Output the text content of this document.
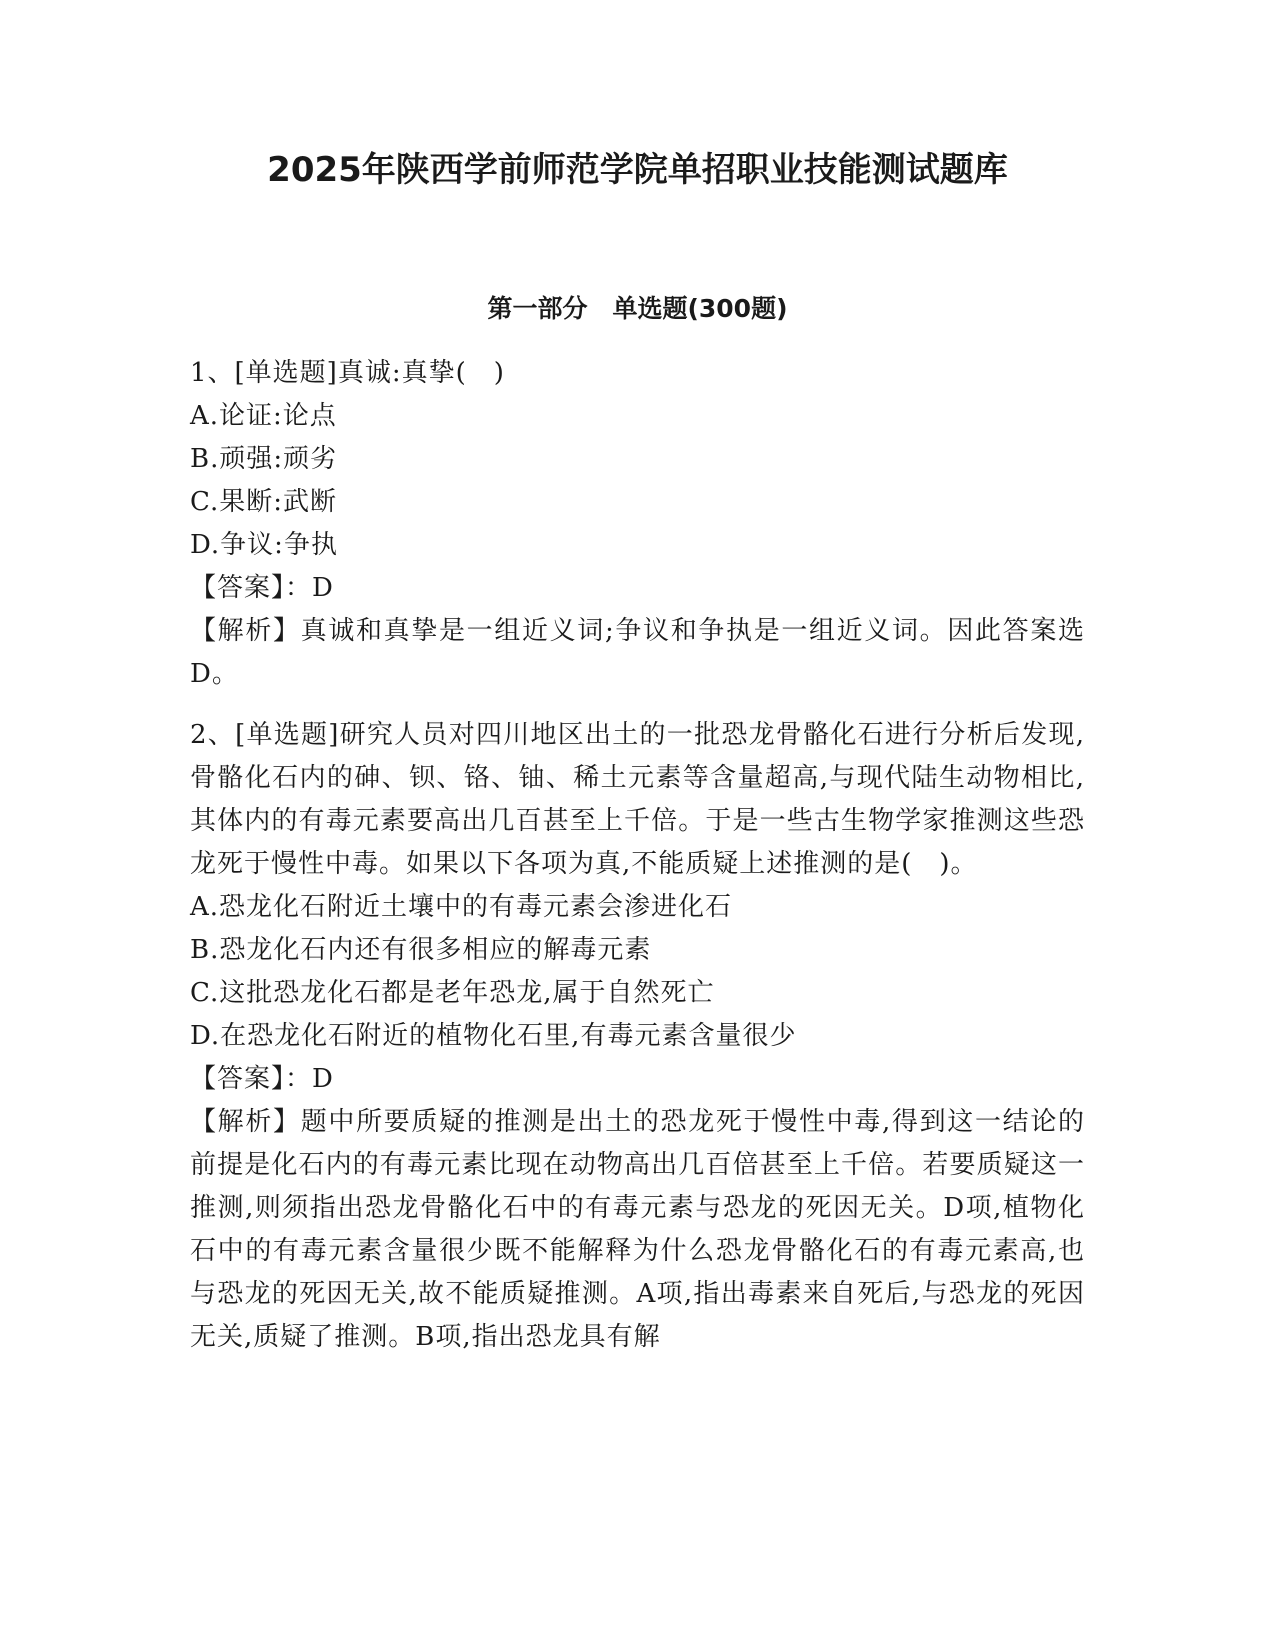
2025年陕西学前师范学院单招职业技能测试题库
第一部分　单选题(300题)

1、[单选题]真诚:真挚(　)

A.论证:论点

B.顽强:顽劣

C.果断:武断

D.争议:争执

【答案】：D

【解析】真诚和真挚是一组近义词;争议和争执是一组近义词。因此答案选D。

2、[单选题]研究人员对四川地区出土的一批恐龙骨骼化石进行分析后发现,骨骼化石内的砷、钡、铬、铀、稀土元素等含量超高,与现代陆生动物相比,其体内的有毒元素要高出几百甚至上千倍。于是一些古生物学家推测这些恐龙死于慢性中毒。如果以下各项为真,不能质疑上述推测的是(　)。

A.恐龙化石附近土壤中的有毒元素会渗进化石

B.恐龙化石内还有很多相应的解毒元素

C.这批恐龙化石都是老年恐龙,属于自然死亡

D.在恐龙化石附近的植物化石里,有毒元素含量很少

【答案】：D

【解析】题中所要质疑的推测是出土的恐龙死于慢性中毒,得到这一结论的前提是化石内的有毒元素比现在动物高出几百倍甚至上千倍。若要质疑这一推测,则须指出恐龙骨骼化石中的有毒元素与恐龙的死因无关。D项,植物化石中的有毒元素含量很少既不能解释为什么恐龙骨骼化石的有毒元素高,也与恐龙的死因无关,故不能质疑推测。A项,指出毒素来自死后,与恐龙的死因无关,质疑了推测。B项,指出恐龙具有解
